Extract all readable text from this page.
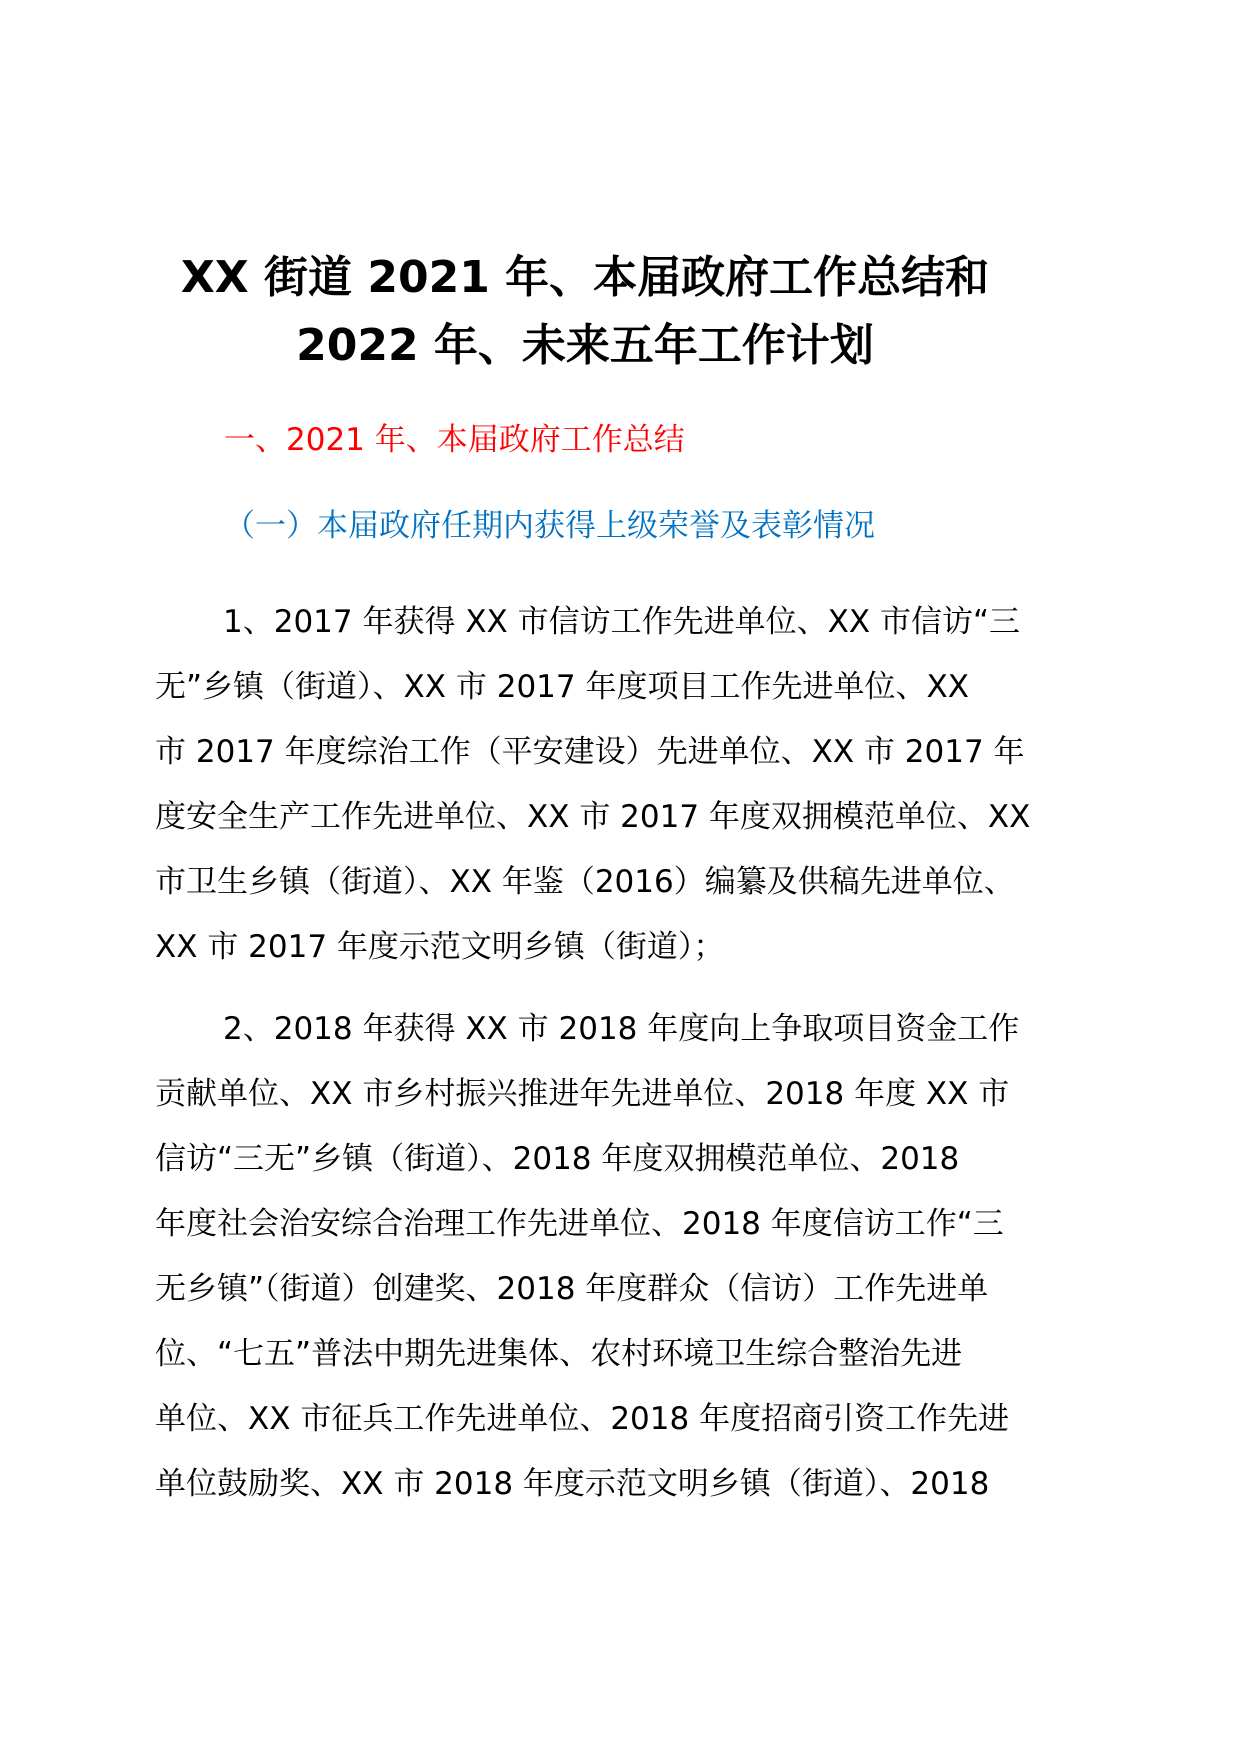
XX 街道 2021 年、本届政府工作总结和
2022 年、未来五年工作计划
一、2021 年、本届政府工作总结
（一）本届政府任期内获得上级荣誉及表彰情况
1、2017 年获得 XX 市信访工作先进单位、XX 市信访“三
无”乡镇（街道）、XX 市 2017 年度项目工作先进单位、XX
市 2017 年度综治工作（平安建设）先进单位、XX 市 2017 年
度安全生产工作先进单位、XX 市 2017 年度双拥模范单位、XX
市卫生乡镇（街道）、XX 年鉴（2016）编纂及供稿先进单位、
XX 市 2017 年度示范文明乡镇（街道）；
2、2018 年获得 XX 市 2018 年度向上争取项目资金工作
贡献单位、XX 市乡村振兴推进年先进单位、2018 年度 XX 市
信访“三无”乡镇（街道）、2018 年度双拥模范单位、2018
年度社会治安综合治理工作先进单位、2018 年度信访工作“三
无乡镇”（街道）创建奖、2018 年度群众（信访）工作先进单
位、“七五”普法中期先进集体、农村环境卫生综合整治先进
单位、XX 市征兵工作先进单位、2018 年度招商引资工作先进
单位鼓励奖、XX 市 2018 年度示范文明乡镇（街道）、2018
